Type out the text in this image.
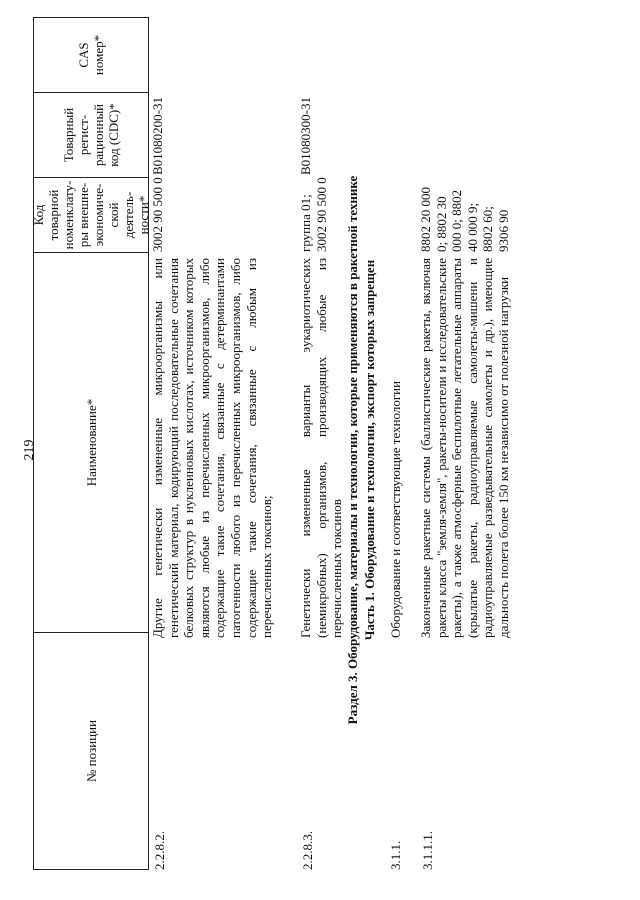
219
№ позиции
Наименование*
Код товарной номенклату-ры внешне-экономиче-ской деятель-ности*
Товарный регист-рационный код (CDC)*
CAS номер*
2.2.8.2.
Другие генетически измененные микроорганизмы или генетический материал, кодирующий последовательные сочетания белковых структур в нуклеиновых кислотах, источником которых являются любые из перечисленных микроорганизмов, либо содержащие такие сочетания, связанные с детерминантами патогенности любого из перечисленных микроорганизмов, либо содержащие такие сочетания, связанные с любым из перечисленных токсинов;
3002 90 500 0
B01080200-31
2.2.8.3.
Генетически измененные варианты эукариотических (немикробных) организмов, производящих любые из перечисленных токсинов
группа 01; 3002 90 500 0
B01080300-31
Раздел 3. Оборудование, материалы и технологии, которые применяются в ракетной технике Часть 1. Оборудование и технологии, экспорт которых запрещен
3.1.1.
Оборудование и соответствующие технологии
3.1.1.1.
Законченные ракетные системы (баллистические ракеты, включая ракеты класса "земля-земля", ракеты-носители и исследовательские ракеты), а также атмосферные беспилотные летательные аппараты (крылатые ракеты, радиоуправляемые самолеты-мишени и радиоуправляемые разведывательные самолеты и др.), имеющие дальность полета более 150 км независимо от полезной нагрузки
8802 20 000 0; 8802 30 000 0; 8802 40 000 9; 8802 60; 9306 90
